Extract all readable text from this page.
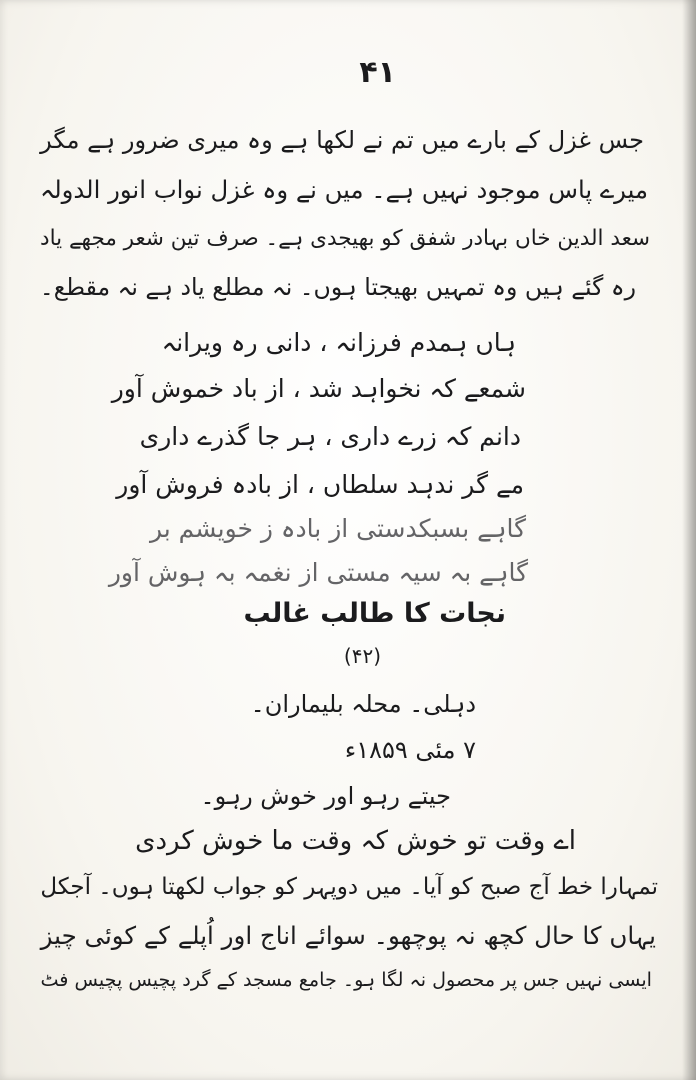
۴۱
جس غزل کے بارے میں تم نے لکھا ہے وہ میری ضرور ہے مگر
میرے پاس موجود نہیں ہے۔ میں نے وہ غزل نواب انور الدولہ
سعد الدین خاں بہادر شفق کو بھیجدی ہے۔ صرف تین شعر مجھے یاد
رہ گئے ہیں وہ تمہیں بھیجتا ہوں۔ نہ مطلع یاد ہے نہ مقطع۔
ہاں ہمدم فرزانہ ، دانی رہ ویرانہ
شمعے کہ نخواہد شد ، از باد خموش آور
دانم کہ زرے داری ، ہر جا گذرے داری
مے گر ندہد سلطاں ، از بادہ فروش آور
گاہے بسبکدستی از بادہ ز خویشم بر
گاہے بہ سیہ مستی از نغمہ بہ ہوش آور
نجات کا طالب غالب
(۴۲)
دہلی۔ محلہ بلیماران۔
۷ مئی ۱۸۵۹ء
جیتے رہو اور خوش رہو۔
اے وقت تو خوش کہ وقت ما خوش کردی
تمہارا خط آج صبح کو آیا۔ میں دوپہر کو جواب لکھتا ہوں۔ آجکل
یہاں کا حال کچھ نہ پوچھو۔ سوائے اناج اور اُپلے کے کوئی چیز
ایسی نہیں جس پر محصول نہ لگا ہو۔ جامع مسجد کے گرد پچیس پچیس فٹ
